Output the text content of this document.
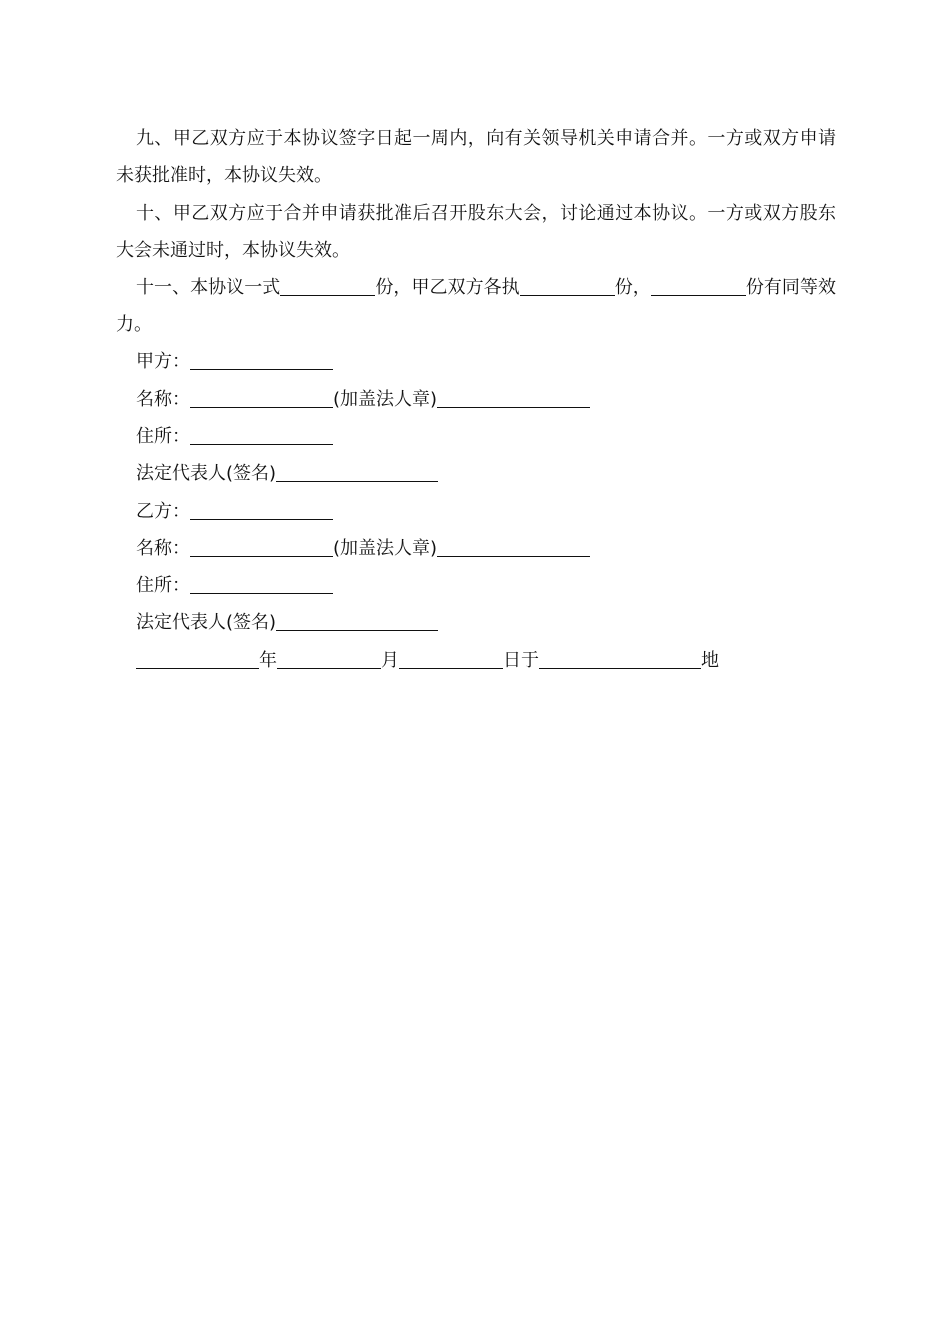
九、甲乙双方应于本协议签字日起一周内，向有关领导机关申请合并。一方或双方申请未获批准时，本协议失效。

十、甲乙双方应于合并申请获批准后召开股东大会，讨论通过本协议。一方或双方股东大会未通过时，本协议失效。

十一、本协议一式	份，甲乙双方各执	份，	份有同等效力。

甲方：
名称：	(加盖法人章)
住所：
法定代表人(签名)
乙方：
名称：	(加盖法人章)
住所：
法定代表人(签名)
年	月	日于	地
